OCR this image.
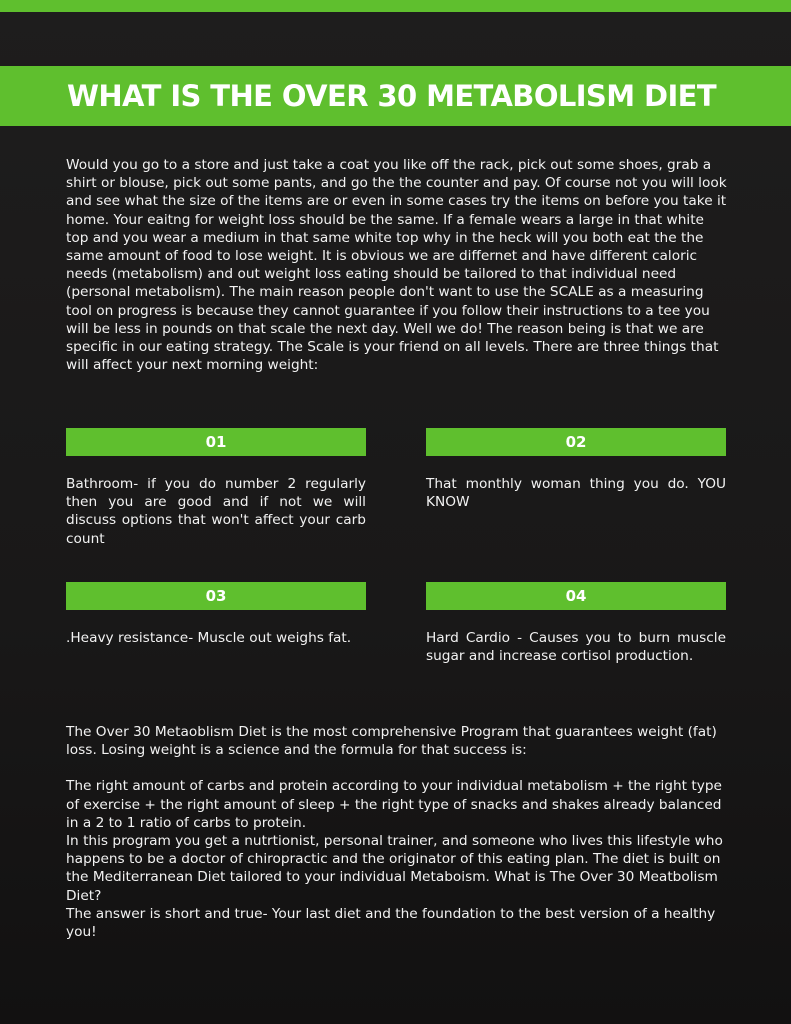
WHAT IS THE OVER 30 METABOLISM DIET
Would you go to a store and just take a coat you like off the rack, pick out some shoes, grab a shirt or blouse, pick out some pants, and go the the counter and pay. Of course not you will look and see what the size of the items are or even in some cases try the items on before you take it home. Your eaitng for weight loss should be the same. If a female wears a large in that white top and you wear a medium in that same white top why in the heck will you both eat the the same amount of food to lose weight. It is obvious we are differnet and have different caloric needs (metabolism) and out weight loss eating should be tailored to that individual need (personal metabolism). The main reason people don't want to use the SCALE as a measuring tool on progress is because they cannot guarantee if you follow their instructions to a tee you will be less in pounds on that scale the next day. Well we do! The reason being is that we are specific in our eating strategy. The Scale is your friend on all levels. There are three things that will affect your next morning weight:
01
Bathroom- if you do number 2 regularly then you are good and if not we will discuss options that won't affect your carb count
02
That monthly woman thing you do. YOU KNOW
03
.Heavy resistance- Muscle out weighs fat.
04
Hard Cardio - Causes you to burn muscle sugar and increase cortisol production.

The Over 30 Metaoblism Diet is the most comprehensive Program that guarantees weight (fat) loss. Losing weight is a science and the formula for that success is:

The right amount of carbs and protein according to your individual metabolism + the right type of exercise + the right amount of sleep + the right type of snacks and shakes already balanced in a 2 to 1 ratio of carbs to protein.

In this program you get a nutrtionist, personal trainer, and someone who lives this lifestyle who happens to be a doctor of chiropractic and the originator of this eating plan. The diet is built on the Mediterranean Diet tailored to your individual Metaboism. What is The Over 30 Meatbolism Diet?

The answer is short and true- Your last diet and the foundation to the best version of a healthy you!
